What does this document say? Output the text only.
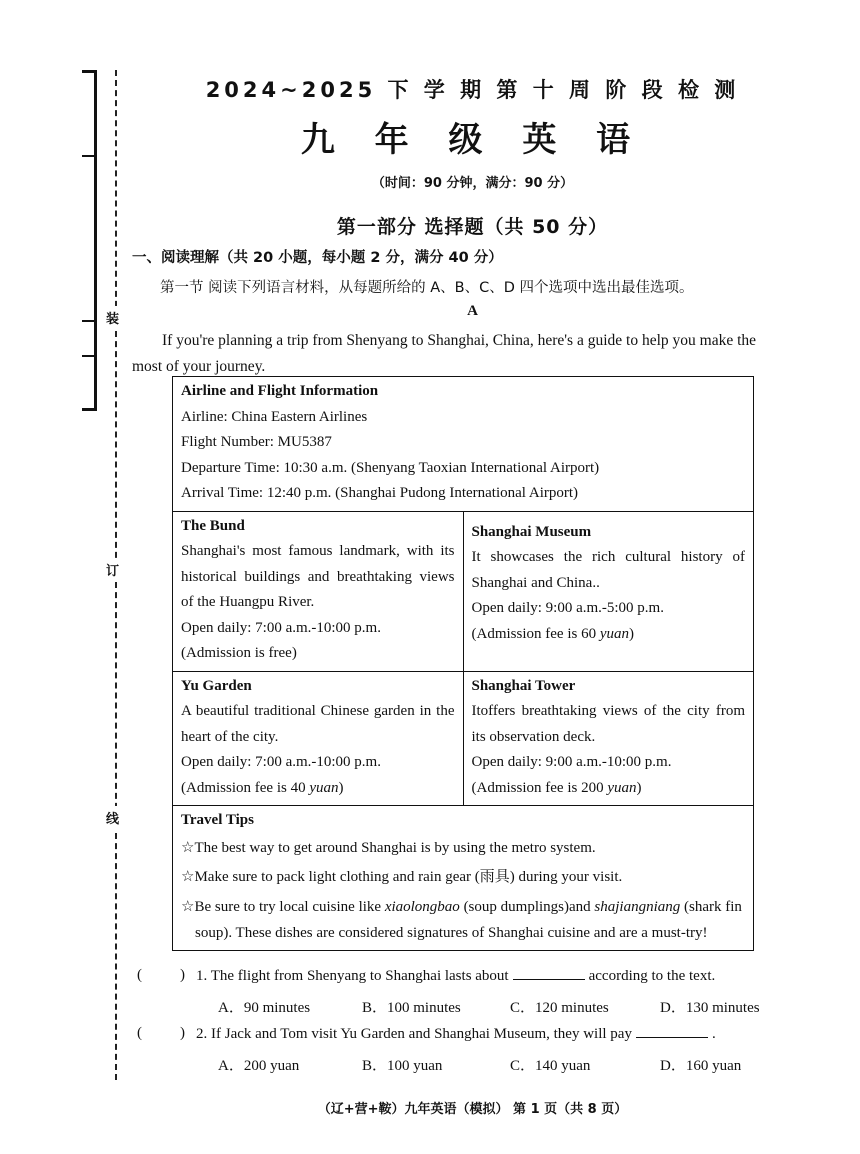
装
订
线
2024~2025 下 学 期 第 十 周 阶 段 检 测
九 年 级 英 语
（时间：90 分钟，满分：90 分）
第一部分 选择题（共 50 分）
一、阅读理解（共 20 小题，每小题 2 分，满分 40 分）
第一节 阅读下列语言材料，从每题所给的 A、B、C、D 四个选项中选出最佳选项。
A
If you're planning a trip from Shenyang to Shanghai, China, here's a guide to help you make the most of your journey.
Airline and Flight Information
Airline: China Eastern Airlines
Flight Number: MU5387
Departure Time: 10:30 a.m. (Shenyang Taoxian International Airport)
Arrival Time: 12:40 p.m. (Shanghai Pudong International Airport)
The Bund
Shanghai's most famous landmark, with its historical buildings and breathtaking views of the Huangpu River.
Open daily: 7:00 a.m.-10:00 p.m.
(Admission is free)
Shanghai Museum
It showcases the rich cultural history of Shanghai and China..
Open daily: 9:00 a.m.-5:00 p.m.
(Admission fee is 60 yuan)
Yu Garden
A beautiful traditional Chinese garden in the heart of the city.
Open daily: 7:00 a.m.-10:00 p.m.
(Admission fee is 40 yuan)
Shanghai Tower
Itoffers breathtaking views of the city from its observation deck.
Open daily: 9:00 a.m.-10:00 p.m.
(Admission fee is 200 yuan)
Travel Tips
☆The best way to get around Shanghai is by using the metro system.
☆Make sure to pack light clothing and rain gear (雨具) during your visit.
☆Be sure to try local cuisine like xiaolongbao (soup dumplings)and shajiangniang (shark fin soup). These dishes are considered signatures of Shanghai cuisine and are a must-try!
(	) 1. The flight from Shenyang to Shanghai lasts about	according to the text.
A．90 minutes	B．100 minutes	C．120 minutes	D．130 minutes
(	) 2. If Jack and Tom visit Yu Garden and Shanghai Museum, they will pay	.
A．200 yuan	B．100 yuan	C．140 yuan	D．160 yuan
（辽+营+鞍）九年英语（模拟） 第 1 页（共 8 页）
